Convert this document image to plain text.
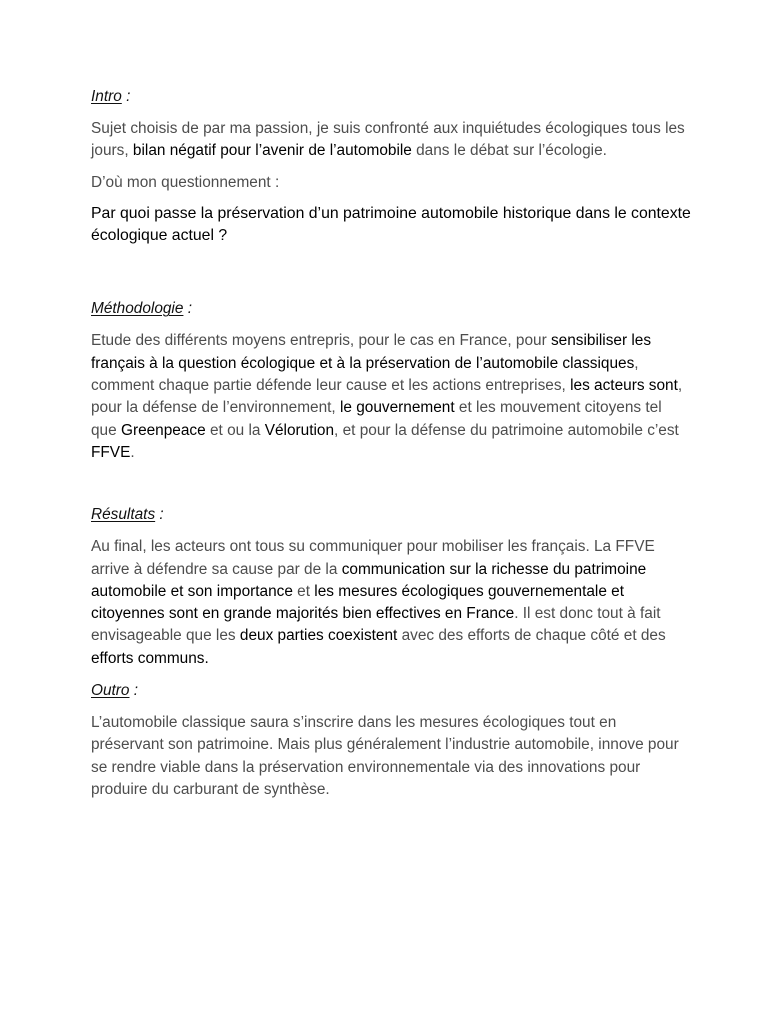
Intro :

Sujet choisis de par ma passion, je suis confronté aux inquiétudes écologiques tous les jours, bilan négatif pour l’avenir de l’automobile dans le débat sur l’écologie.

D’où mon questionnement :

Par quoi passe la préservation d’un patrimoine automobile historique dans le contexte écologique actuel ?

Méthodologie :

Etude des différents moyens entrepris, pour le cas en France, pour sensibiliser les français à la question écologique et à la préservation de l’automobile classiques, comment chaque partie défende leur cause et les actions entreprises, les acteurs sont, pour la défense de l’environnement, le gouvernement et les mouvement citoyens tel que Greenpeace et ou la Vélorution, et pour la défense du patrimoine automobile c’est FFVE.

Résultats :

Au final, les acteurs ont tous su communiquer pour mobiliser les français. La FFVE arrive à défendre sa cause par de la communication sur la richesse du patrimoine automobile et son importance et les mesures écologiques gouvernementale et citoyennes sont en grande majorités bien effectives en France. Il est donc tout à fait envisageable que les deux parties coexistent avec des efforts de chaque côté et des efforts communs.

Outro :

L’automobile classique saura s’inscrire dans les mesures écologiques tout en préservant son patrimoine. Mais plus généralement l’industrie automobile, innove pour se rendre viable dans la préservation environnementale via des innovations pour produire du carburant de synthèse.
